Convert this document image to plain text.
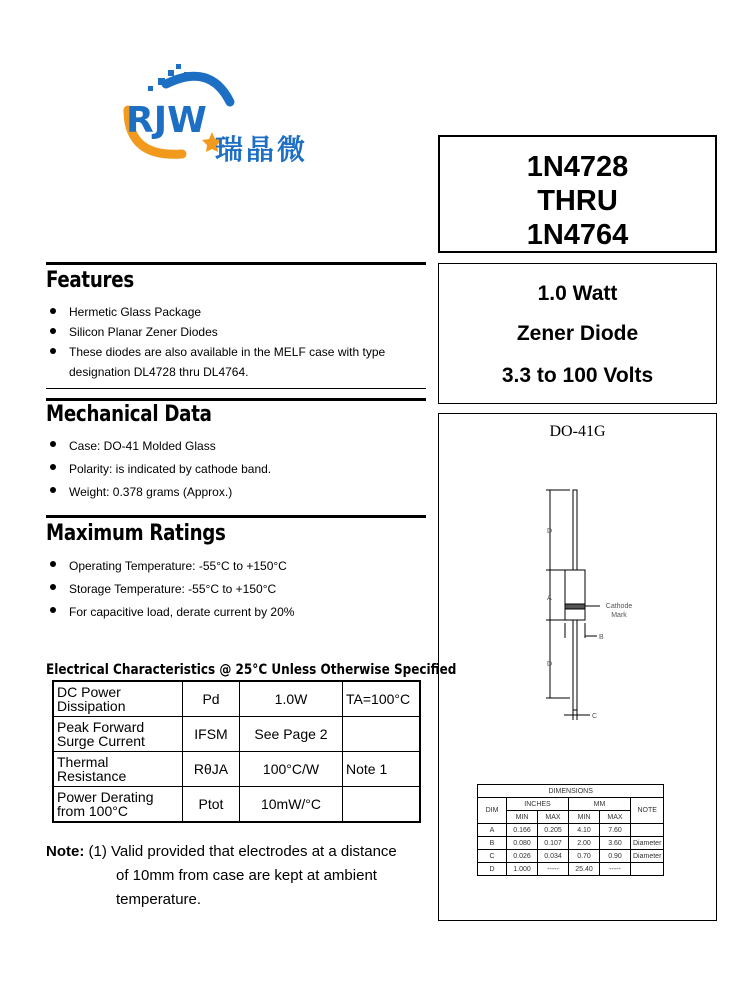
RJW
瑞晶微
1N4728
THRU
1N4764
1.0 Watt
Zener Diode
3.3 to 100 Volts
Features
Hermetic Glass Package
Silicon Planar Zener Diodes
These diodes are also available in the MELF case with type designation DL4728 thru DL4764.
Mechanical Data
Case: DO-41 Molded Glass
Polarity: is indicated by cathode band.
Weight: 0.378 grams (Approx.)
Maximum Ratings
Operating Temperature: -55°C to +150°C
Storage Temperature: -55°C to +150°C
For capacitive load, derate current by 20%
Electrical Characteristics @ 25°C Unless Otherwise Specified
DC Power Dissipation	Pd	1.0W	TA=100°C
Peak Forward Surge Current	IFSM	See Page 2	
Thermal Resistance	RθJA	100°C/W	Note 1
Power Derating from 100°C	Ptot	10mW/°C	
Note: (1) Valid provided that electrodes at a distance
of 10mm from case are kept at ambient
temperature.
DO-41G
D
A
D
B
C
Cathode Mark
DIMENSIONS					
DIM	INCHES		MM		NOTE
	MIN	MAX	MIN	MAX	
A	0.166	0.205	4.10	7.60	
B	0.080	0.107	2.00	3.60	Diameter
C	0.026	0.034	0.70	0.90	Diameter
D	1.000	-----	25.40	-----	
